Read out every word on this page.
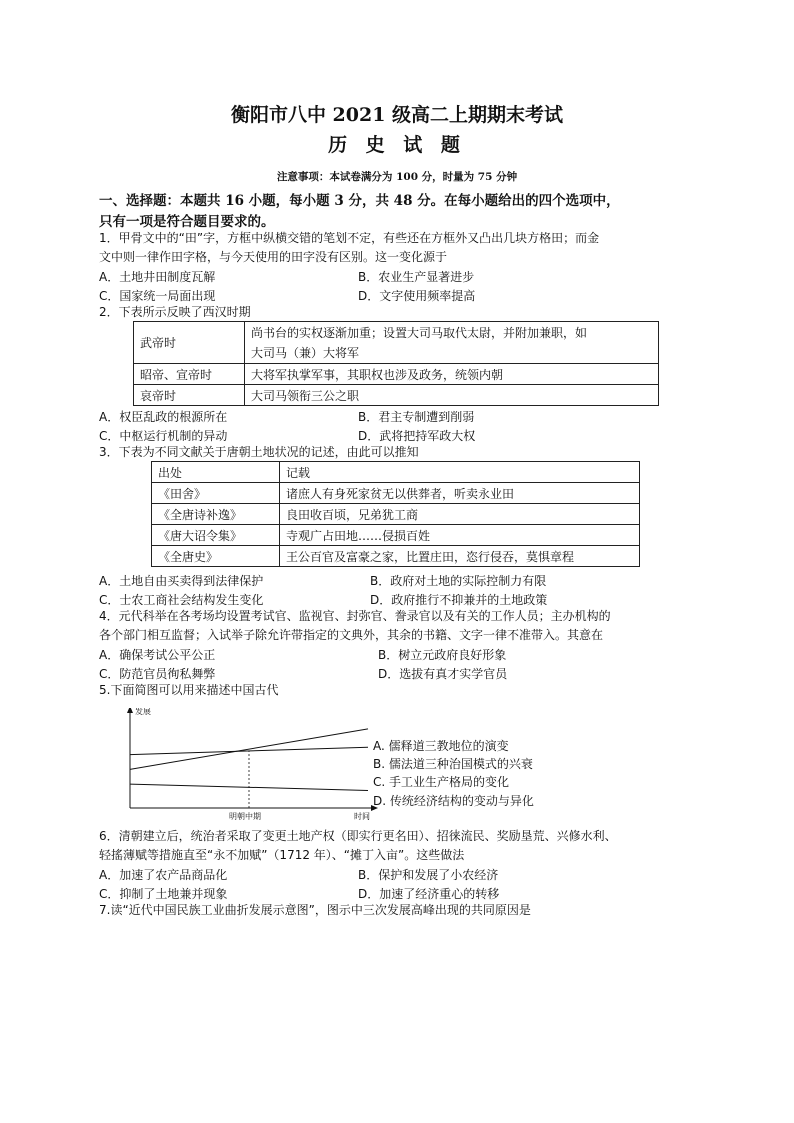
衡阳市八中 2021 级高二上期期末考试
历 史 试 题
注意事项：本试卷满分为 100 分，时量为 75 分钟
一、选择题：本题共 16 小题，每小题 3 分，共 48 分。在每小题给出的四个选项中，
只有一项是符合题目要求的。
1．甲骨文中的“田”字，方框中纵横交错的笔划不定，有些还在方框外又凸出几块方格田；而金
文中则一律作田字格，与今天使用的田字没有区别。这一变化源于
A．土地井田制度瓦解	B．农业生产显著进步
C．国家统一局面出现	D．文字使用频率提高
2．下表所示反映了西汉时期
武帝时	尚书台的实权逐渐加重；设置大司马取代太尉，并附加兼职，如
大司马（兼）大将军

昭帝、宣帝时	大将军执掌军事，其职权也涉及政务，统领内朝
哀帝时	大司马领衔三公之职
A．权臣乱政的根源所在	B．君主专制遭到削弱
C．中枢运行机制的异动	D．武将把持军政大权
3．下表为不同文献关于唐朝土地状况的记述，由此可以推知
出处	记载
《田舍》	诸庶人有身死家贫无以供葬者，听卖永业田
《全唐诗补逸》	良田收百顷，兄弟犹工商
《唐大诏令集》	寺观广占田地……侵损百姓
《全唐史》	王公百官及富豪之家，比置庄田，恣行侵吞，莫惧章程
A．土地自由买卖得到法律保护	B．政府对土地的实际控制力有限
C．士农工商社会结构发生变化	D．政府推行不抑兼并的土地政策
4．元代科举在各考场均设置考试官、监视官、封弥官、誊录官以及有关的工作人员；主办机构的
各个部门相互监督；入试举子除允许带指定的文典外，其余的书籍、文字一律不准带入。其意在
A．确保考试公平公正	B．树立元政府良好形象
C．防范官员徇私舞弊	D．选拔有真才实学官员
5.下面简图可以用来描述中国古代
发展
时间
明朝中期
A. 儒释道三教地位的演变
B. 儒法道三种治国模式的兴衰
C. 手工业生产格局的变化
D. 传统经济结构的变动与异化
6．清朝建立后，统治者采取了变更土地产权（即实行更名田）、招徕流民、奖励垦荒、兴修水利、
轻搖薄赋等措施直至“永不加赋”（1712 年）、“摊丁入亩”。这些做法
A．加速了农产品商品化	B．保护和发展了小农经济
C．抑制了土地兼并现象	D．加速了经济重心的转移
7.读“近代中国民族工业曲折发展示意图”，图示中三次发展高峰出现的共同原因是
